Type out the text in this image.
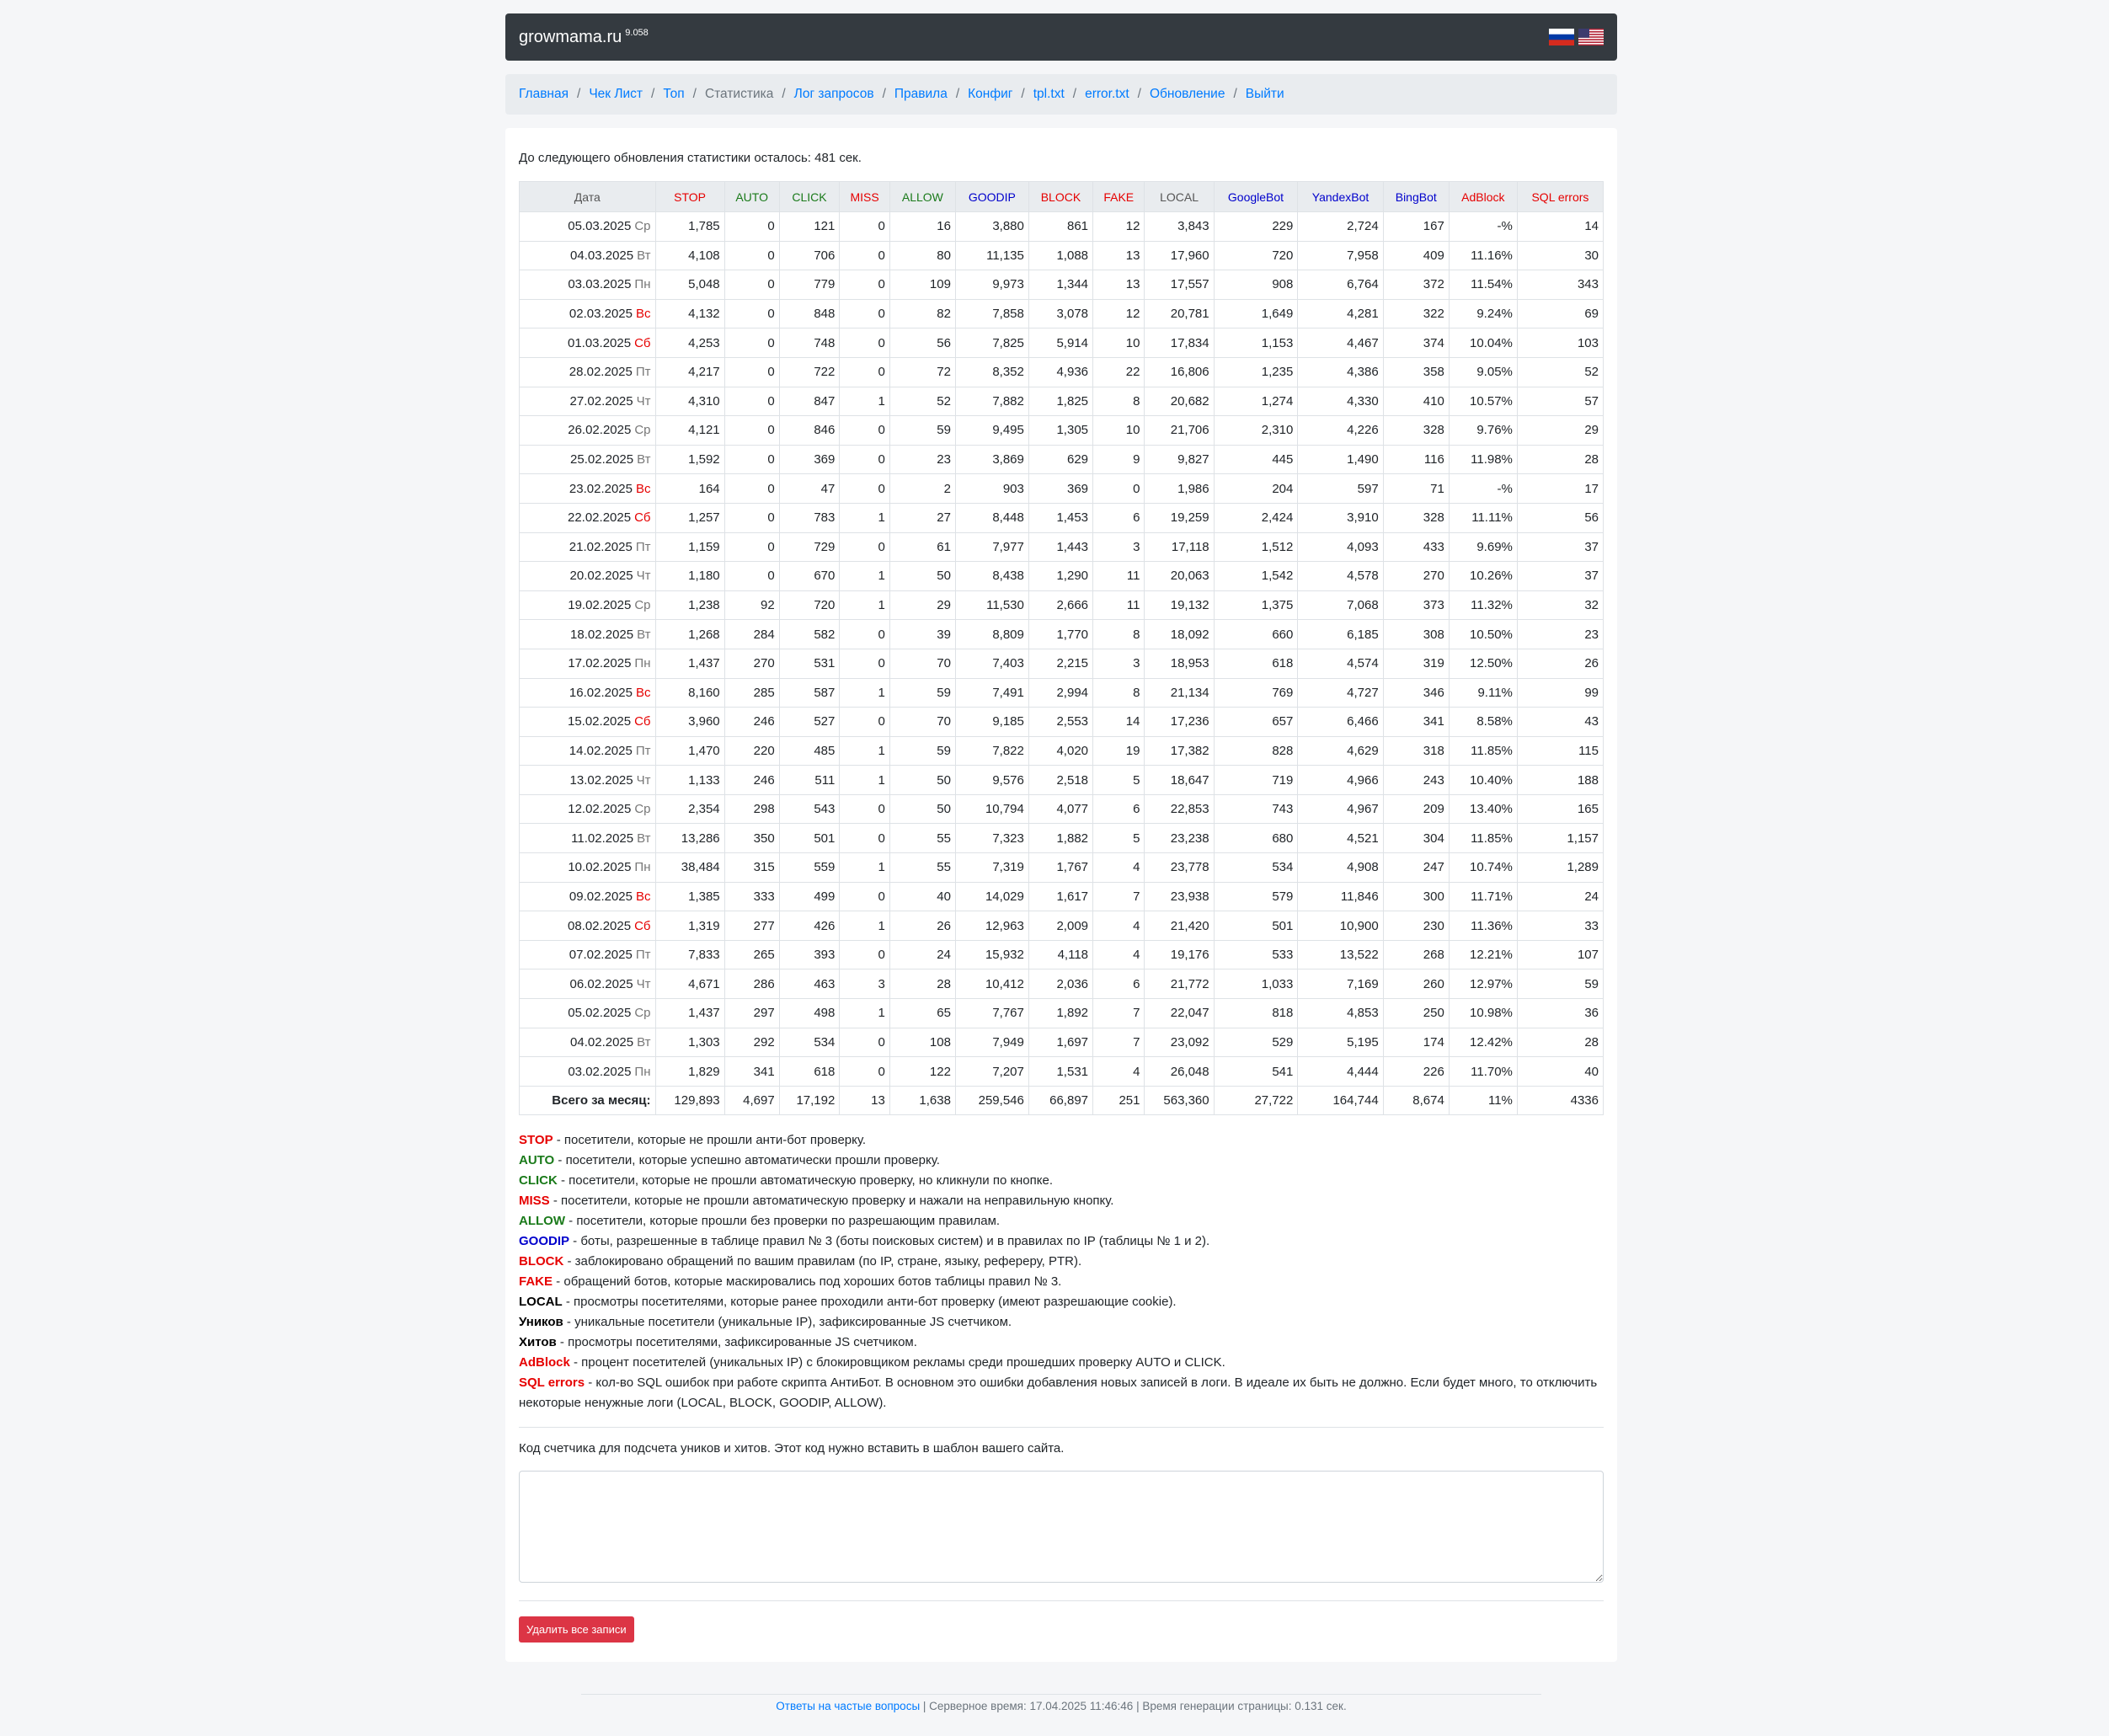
growmama.ru $^{9.058}$
Главная / Чек Лист / Топ / Статистика / Лог запросов / Правила / Конфиг / tpl.txt / error.txt / Обновление / Выйти
До следующего обновления статистики осталось: 481 сек.
Дата	STOP	AUTO	CLICK	MISS	ALLOW	GOODIP	BLOCK	FAKE	LOCAL	GoogleBot	YandexBot	BingBot	AdBlock	SQL errors
05.03.2025 Ср	1,785	0	121	0	16	3,880	861	12	3,843	229	2,724	167	-%	14
04.03.2025 Вт	4,108	0	706	0	80	11,135	1,088	13	17,960	720	7,958	409	11.16%	30
03.03.2025 Пн	5,048	0	779	0	109	9,973	1,344	13	17,557	908	6,764	372	11.54%	343
02.03.2025 Вс	4,132	0	848	0	82	7,858	3,078	12	20,781	1,649	4,281	322	9.24%	69
01.03.2025 Сб	4,253	0	748	0	56	7,825	5,914	10	17,834	1,153	4,467	374	10.04%	103
28.02.2025 Пт	4,217	0	722	0	72	8,352	4,936	22	16,806	1,235	4,386	358	9.05%	52
27.02.2025 Чт	4,310	0	847	1	52	7,882	1,825	8	20,682	1,274	4,330	410	10.57%	57
26.02.2025 Ср	4,121	0	846	0	59	9,495	1,305	10	21,706	2,310	4,226	328	9.76%	29
25.02.2025 Вт	1,592	0	369	0	23	3,869	629	9	9,827	445	1,490	116	11.98%	28
23.02.2025 Вс	164	0	47	0	2	903	369	0	1,986	204	597	71	-%	17
22.02.2025 Сб	1,257	0	783	1	27	8,448	1,453	6	19,259	2,424	3,910	328	11.11%	56
21.02.2025 Пт	1,159	0	729	0	61	7,977	1,443	3	17,118	1,512	4,093	433	9.69%	37
20.02.2025 Чт	1,180	0	670	1	50	8,438	1,290	11	20,063	1,542	4,578	270	10.26%	37
19.02.2025 Ср	1,238	92	720	1	29	11,530	2,666	11	19,132	1,375	7,068	373	11.32%	32
18.02.2025 Вт	1,268	284	582	0	39	8,809	1,770	8	18,092	660	6,185	308	10.50%	23
17.02.2025 Пн	1,437	270	531	0	70	7,403	2,215	3	18,953	618	4,574	319	12.50%	26
16.02.2025 Вс	8,160	285	587	1	59	7,491	2,994	8	21,134	769	4,727	346	9.11%	99
15.02.2025 Сб	3,960	246	527	0	70	9,185	2,553	14	17,236	657	6,466	341	8.58%	43
14.02.2025 Пт	1,470	220	485	1	59	7,822	4,020	19	17,382	828	4,629	318	11.85%	115
13.02.2025 Чт	1,133	246	511	1	50	9,576	2,518	5	18,647	719	4,966	243	10.40%	188
12.02.2025 Ср	2,354	298	543	0	50	10,794	4,077	6	22,853	743	4,967	209	13.40%	165
11.02.2025 Вт	13,286	350	501	0	55	7,323	1,882	5	23,238	680	4,521	304	11.85%	1,157
10.02.2025 Пн	38,484	315	559	1	55	7,319	1,767	4	23,778	534	4,908	247	10.74%	1,289
09.02.2025 Вс	1,385	333	499	0	40	14,029	1,617	7	23,938	579	11,846	300	11.71%	24
08.02.2025 Сб	1,319	277	426	1	26	12,963	2,009	4	21,420	501	10,900	230	11.36%	33
07.02.2025 Пт	7,833	265	393	0	24	15,932	4,118	4	19,176	533	13,522	268	12.21%	107
06.02.2025 Чт	4,671	286	463	3	28	10,412	2,036	6	21,772	1,033	7,169	260	12.97%	59
05.02.2025 Ср	1,437	297	498	1	65	7,767	1,892	7	22,047	818	4,853	250	10.98%	36
04.02.2025 Вт	1,303	292	534	0	108	7,949	1,697	7	23,092	529	5,195	174	12.42%	28
03.02.2025 Пн	1,829	341	618	0	122	7,207	1,531	4	26,048	541	4,444	226	11.70%	40
Всего за месяц:	129,893	4,697	17,192	13	1,638	259,546	66,897	251	563,360	27,722	164,744	8,674	11%	4336
STOP - посетители, которые не прошли анти-бот проверку.
AUTO - посетители, которые успешно автоматически прошли проверку.
CLICK - посетители, которые не прошли автоматическую проверку, но кликнули по кнопке.
MISS - посетители, которые не прошли автоматическую проверку и нажали на неправильную кнопку.
ALLOW - посетители, которые прошли без проверки по разрешающим правилам.
GOODIP - боты, разрешенные в таблице правил № 3 (боты поисковых систем) и в правилах по IP (таблицы № 1 и 2).
BLOCK - заблокировано обращений по вашим правилам (по IP, стране, языку, рефереру, PTR).
FAKE - обращений ботов, которые маскировались под хороших ботов таблицы правил № 3.
LOCAL - просмотры посетителями, которые ранее проходили анти-бот проверку (имеют разрешающие cookie).
Уников - уникальные посетители (уникальные IP), зафиксированные JS счетчиком.
Хитов - просмотры посетителями, зафиксированные JS счетчиком.
AdBlock - процент посетителей (уникальных IP) с блокировщиком рекламы среди прошедших проверку AUTO и CLICK.
SQL errors - кол-во SQL ошибок при работе скрипта АнтиБот. В основном это ошибки добавления новых записей в логи. В идеале их быть не должно. Если будет много, то отключить некоторые ненужные логи (LOCAL, BLOCK, GOODIP, ALLOW).
Код счетчика для подсчета уников и хитов. Этот код нужно вставить в шаблон вашего сайта.
Удалить все записи
Ответы на частые вопросы | Серверное время: 17.04.2025 11:46:46 | Время генерации страницы: 0.131 сек.
